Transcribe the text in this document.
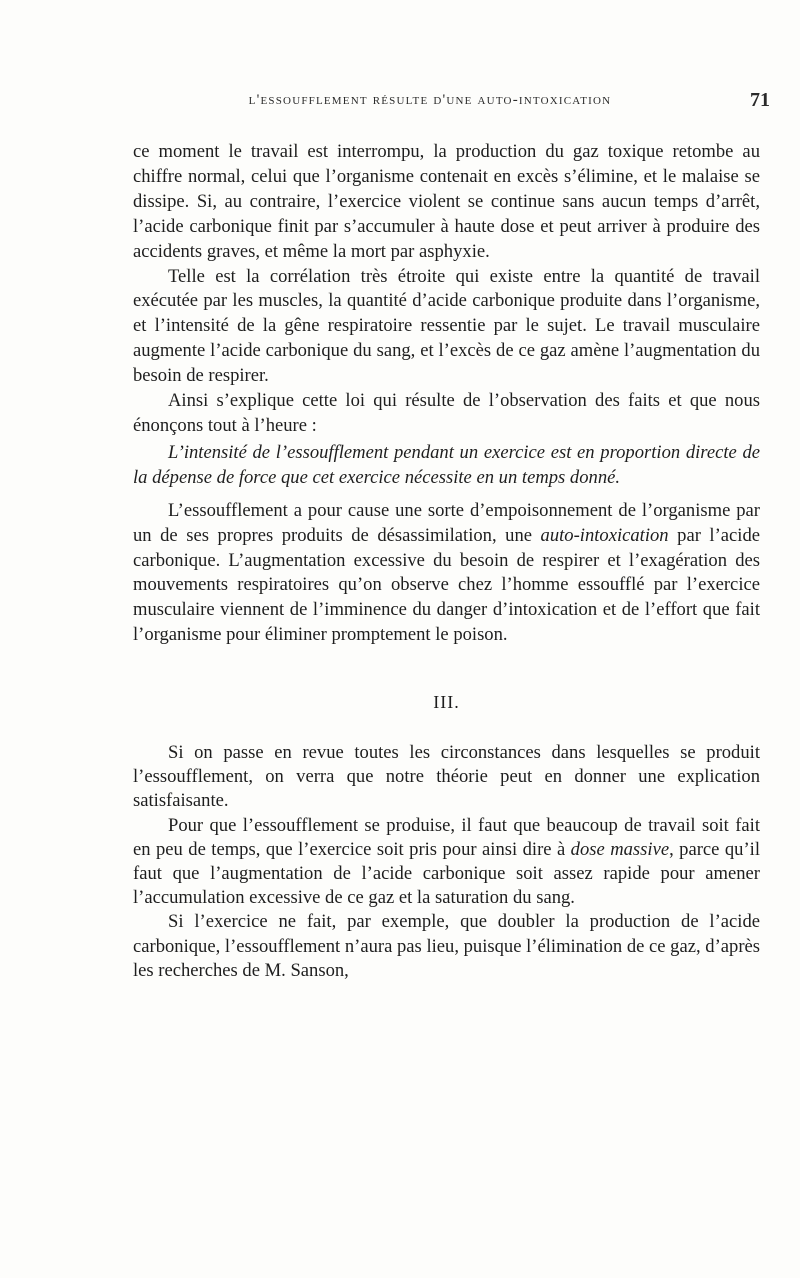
l'essoufflement résulte d'une auto-intoxication	71

ce moment le travail est interrompu, la production du gaz toxique retombe au chiffre normal, celui que l’organisme contenait en excès s’élimine, et le malaise se dissipe. Si, au contraire, l’exercice violent se continue sans aucun temps d’arrêt, l’acide carbonique finit par s’accumuler à haute dose et peut arriver à produire des accidents graves, et même la mort par asphyxie.

Telle est la corrélation très étroite qui existe entre la quantité de travail exécutée par les muscles, la quantité d’acide carbonique produite dans l’organisme, et l’intensité de la gêne respiratoire ressentie par le sujet. Le travail musculaire augmente l’acide carbonique du sang, et l’excès de ce gaz amène l’augmentation du besoin de respirer.

Ainsi s’explique cette loi qui résulte de l’observation des faits et que nous énonçons tout à l’heure :

L’intensité de l’essoufflement pendant un exercice est en proportion directe de la dépense de force que cet exercice nécessite en un temps donné.

L’essoufflement a pour cause une sorte d’empoisonnement de l’organisme par un de ses propres produits de désassimilation, une auto-intoxication par l’acide carbonique. L’augmentation excessive du besoin de respirer et l’exagération des mouvements respiratoires qu’on observe chez l’homme essoufflé par l’exercice musculaire viennent de l’imminence du danger d’intoxication et de l’effort que fait l’organisme pour éliminer promptement le poison.

III.

Si on passe en revue toutes les circonstances dans lesquelles se produit l’essoufflement, on verra que notre théorie peut en donner une explication satisfaisante.

Pour que l’essoufflement se produise, il faut que beaucoup de travail soit fait en peu de temps, que l’exercice soit pris pour ainsi dire à dose massive, parce qu’il faut que l’augmentation de l’acide carbonique soit assez rapide pour amener l’accumulation excessive de ce gaz et la saturation du sang.

Si l’exercice ne fait, par exemple, que doubler la production de l’acide carbonique, l’essoufflement n’aura pas lieu, puisque l’élimination de ce gaz, d’après les recherches de M. Sanson,
